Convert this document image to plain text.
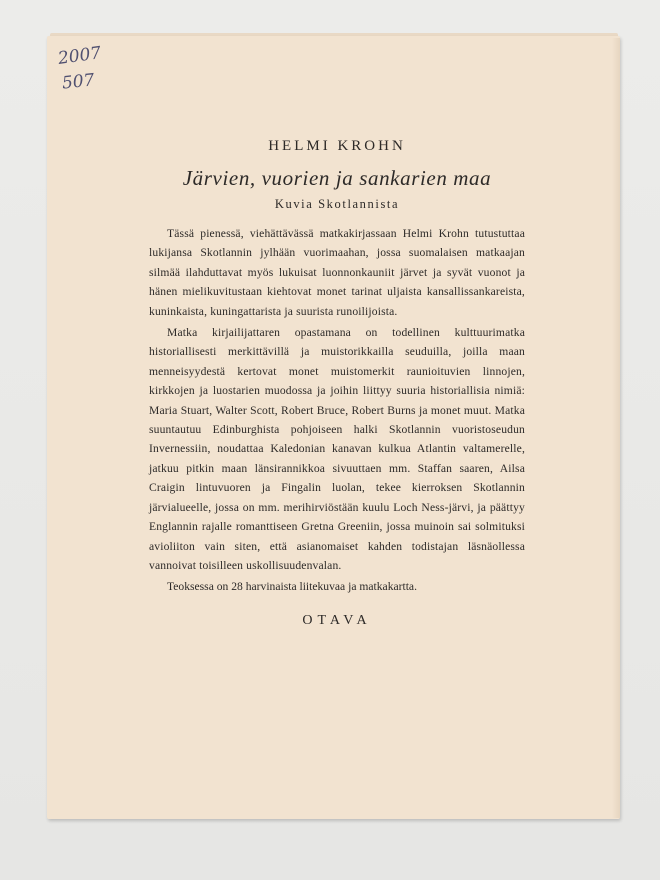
2007
507
HELMI KROHN
Järvien, vuorien ja sankarien maa
Kuvia Skotlannista

Tässä pienessä, viehättävässä matkakirjassaan Helmi Krohn tutustuttaa lukijansa Skotlannin jylhään vuorimaahan, jossa suomalaisen matkaajan silmää ilahduttavat myös lukuisat luonnonkauniit järvet ja syvät vuonot ja hänen mielikuvitustaan kiehtovat monet tarinat uljaista kansallissankareista, kuninkaista, kuningattarista ja suurista runoilijoista.

Matka kirjailijattaren opastamana on todellinen kulttuurimatka historiallisesti merkittävillä ja muistorikkailla seuduilla, joilla maan menneisyydestä kertovat monet muistomerkit raunioituvien linnojen, kirkkojen ja luostarien muodossa ja joihin liittyy suuria historiallisia nimiä: Maria Stuart, Walter Scott, Robert Bruce, Robert Burns ja monet muut. Matka suuntautuu Edinburghista pohjoiseen halki Skotlannin vuoristoseudun Invernessiin, noudattaa Kaledonian kanavan kulkua Atlantin valtamerelle, jatkuu pitkin maan länsirannikkoa sivuuttaen mm. Staffan saaren, Ailsa Craigin lintuvuoren ja Fingalin luolan, tekee kierroksen Skotlannin järvialueelle, jossa on mm. merihirviöstään kuulu Loch Ness-järvi, ja päättyy Englannin rajalle romanttiseen Gretna Greeniin, jossa muinoin sai solmituksi avioliiton vain siten, että asianomaiset kahden todistajan läsnäollessa vannoivat toisilleen uskollisuudenvalan.

Teoksessa on 28 harvinaista liitekuvaa ja matkakartta.

OTAVA
